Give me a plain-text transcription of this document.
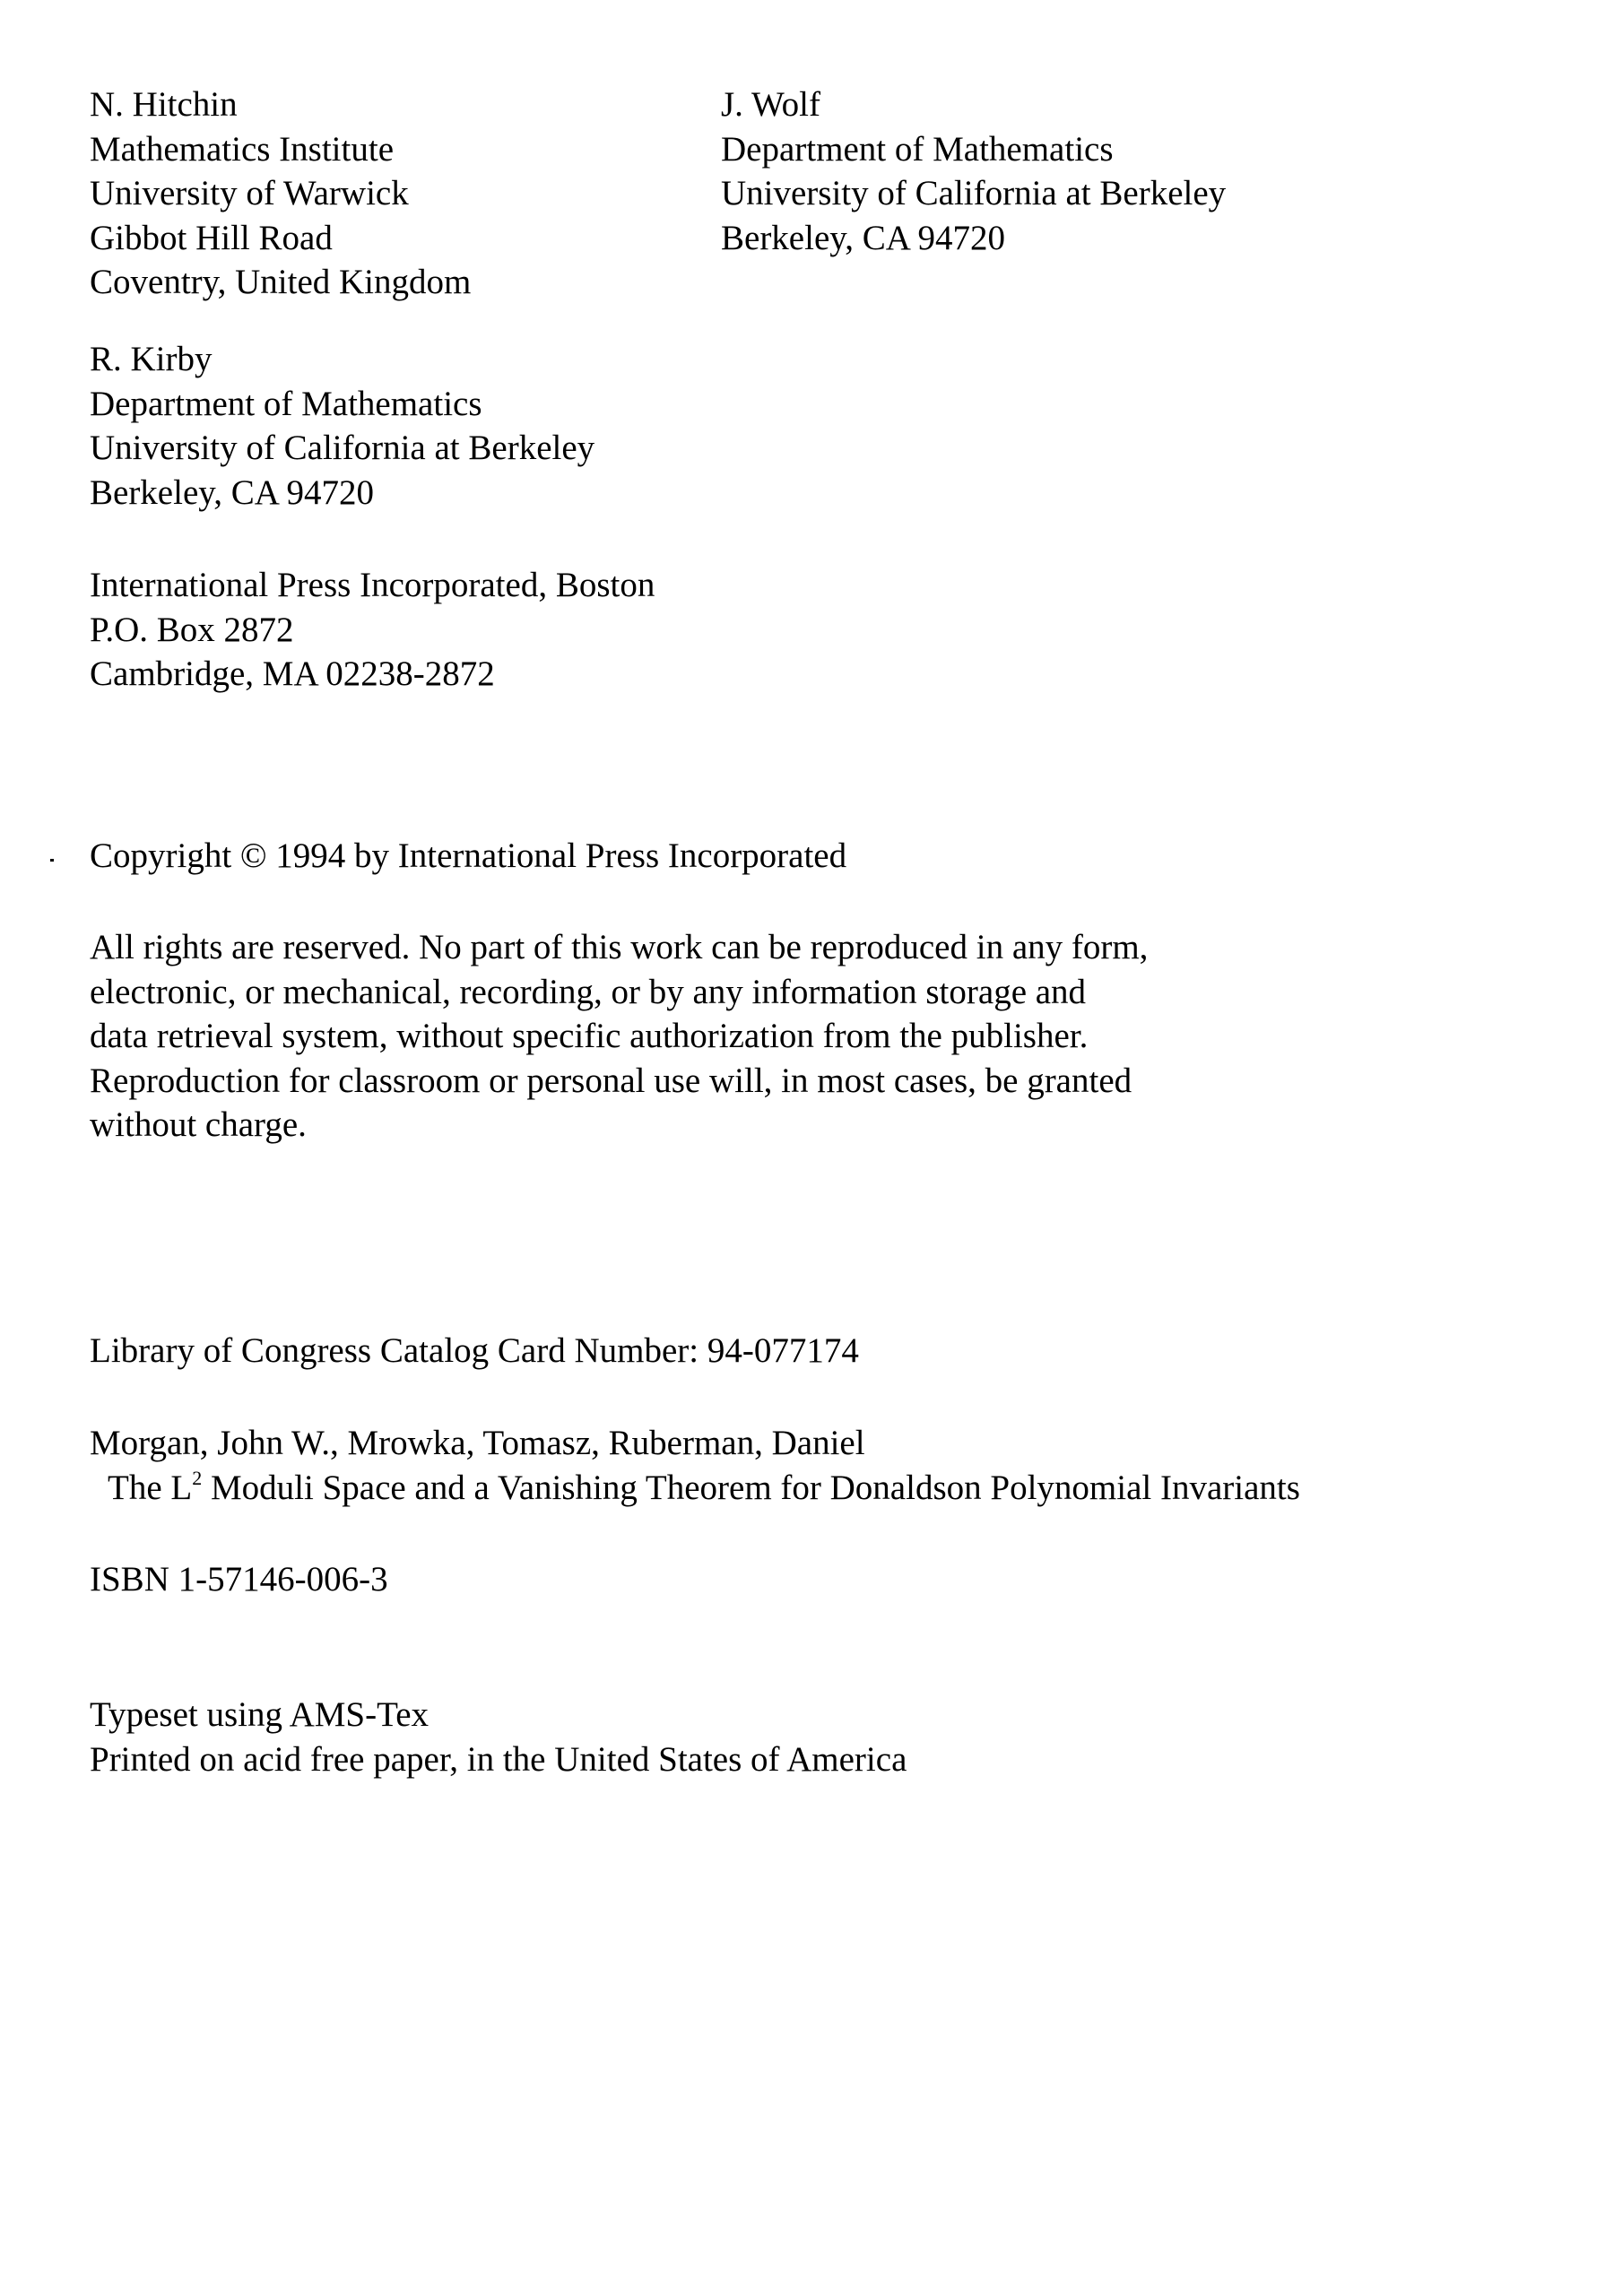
N. Hitchin
Mathematics Institute
University of Warwick
Gibbot Hill Road
Coventry, United Kingdom
J. Wolf
Department of Mathematics
University of California at Berkeley
Berkeley, CA 94720
R. Kirby
Department of Mathematics
University of California at Berkeley
Berkeley, CA 94720
International Press Incorporated, Boston
P.O. Box 2872
Cambridge, MA 02238-2872
Copyright © 1994 by International Press Incorporated
All rights are reserved. No part of this work can be reproduced in any form,
electronic, or mechanical, recording, or by any information storage and
data retrieval system, without specific authorization from the publisher.
Reproduction for classroom or personal use will, in most cases, be granted
without charge.
Library of Congress Catalog Card Number: 94-077174
Morgan, John W., Mrowka, Tomasz, Ruberman, Daniel
The $L^2$ Moduli Space and a Vanishing Theorem for Donaldson Polynomial Invariants
ISBN 1-57146-006-3
Typeset using AMS-Tex
Printed on acid free paper, in the United States of America
